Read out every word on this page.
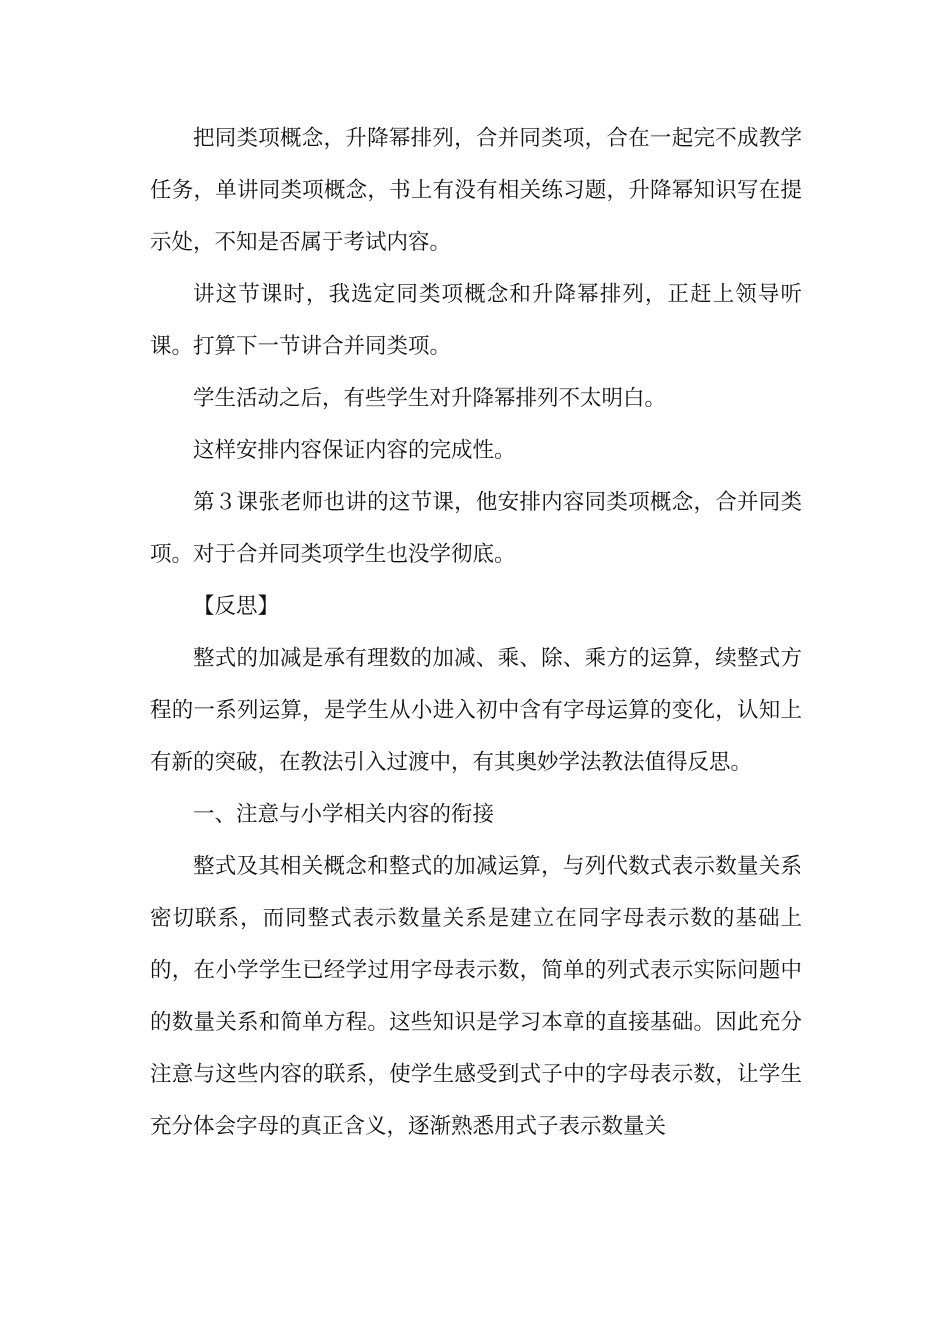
把同类项概念，升降幂排列，合并同类项，合在一起完不成教学任务，单讲同类项概念，书上有没有相关练习题，升降幂知识写在提示处，不知是否属于考试内容。

讲这节课时，我选定同类项概念和升降幂排列，正赶上领导听课。打算下一节讲合并同类项。

学生活动之后，有些学生对升降幂排列不太明白。

这样安排内容保证内容的完成性。

第３课张老师也讲的这节课，他安排内容同类项概念，合并同类项。对于合并同类项学生也没学彻底。

【反思】

整式的加减是承有理数的加减、乘、除、乘方的运算，续整式方程的一系列运算，是学生从小进入初中含有字母运算的变化，认知上有新的突破，在教法引入过渡中，有其奥妙学法教法值得反思。

一、注意与小学相关内容的衔接

整式及其相关概念和整式的加减运算，与列代数式表示数量关系密切联系，而同整式表示数量关系是建立在同字母表示数的基础上的，在小学学生已经学过用字母表示数，简单的列式表示实际问题中的数量关系和简单方程。这些知识是学习本章的直接基础。因此充分注意与这些内容的联系，使学生感受到式子中的字母表示数，让学生充分体会字母的真正含义，逐渐熟悉用式子表示数量关
